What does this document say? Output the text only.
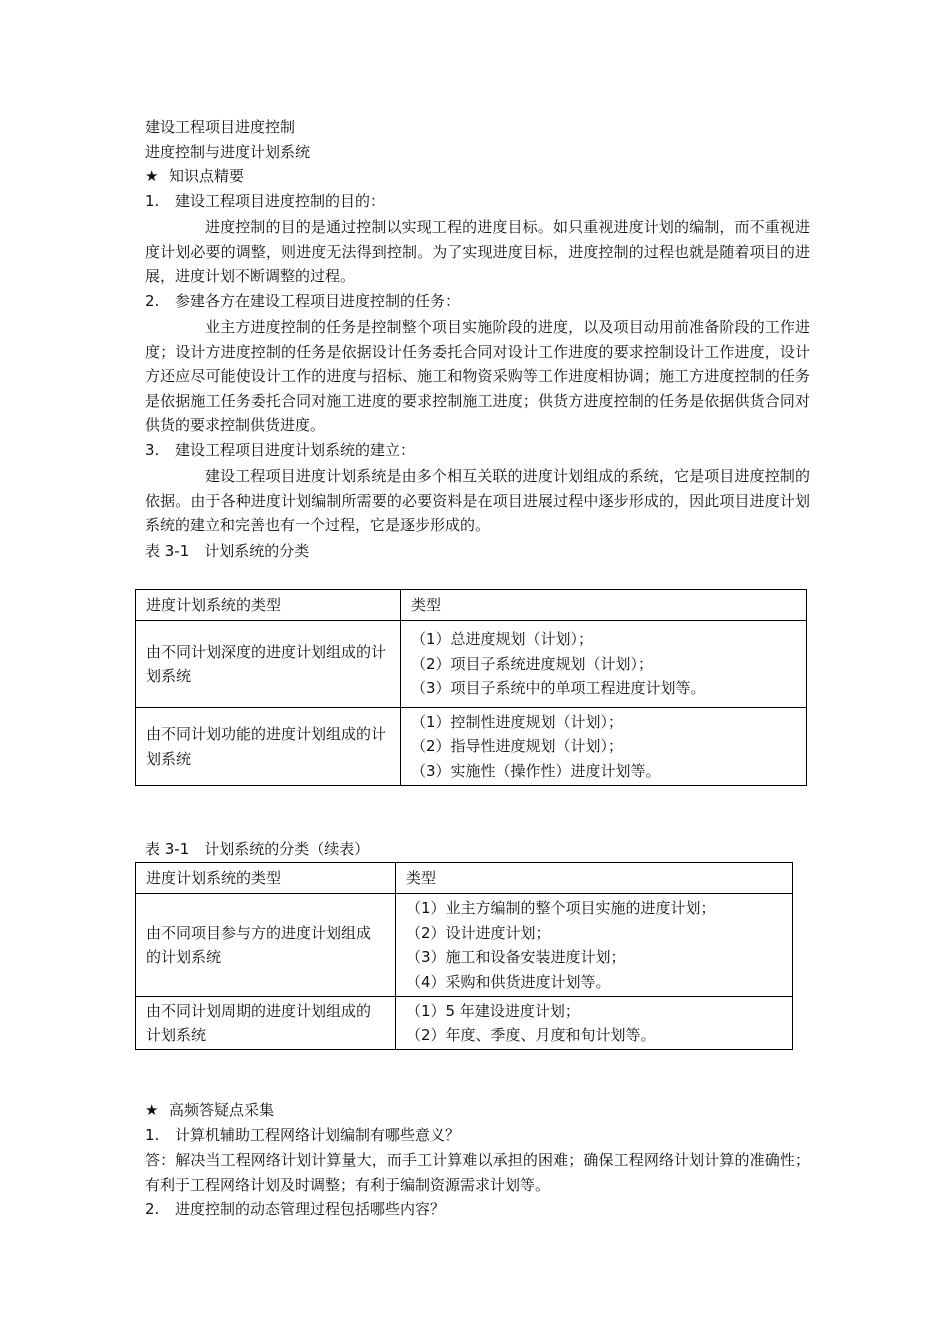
建设工程项目进度控制
进度控制与进度计划系统
★ 知识点精要
1. 建设工程项目进度控制的目的：
进度控制的目的是通过控制以实现工程的进度目标。如只重视进度计划的编制，而不重视进度计划必要的调整，则进度无法得到控制。为了实现进度目标，进度控制的过程也就是随着项目的进展，进度计划不断调整的过程。
2. 参建各方在建设工程项目进度控制的任务：
业主方进度控制的任务是控制整个项目实施阶段的进度，以及项目动用前准备阶段的工作进度；设计方进度控制的任务是依据设计任务委托合同对设计工作进度的要求控制设计工作进度，设计方还应尽可能使设计工作的进度与招标、施工和物资采购等工作进度相协调；施工方进度控制的任务是依据施工任务委托合同对施工进度的要求控制施工进度；供货方进度控制的任务是依据供货合同对供货的要求控制供货进度。
3. 建设工程项目进度计划系统的建立：
建设工程项目进度计划系统是由多个相互关联的进度计划组成的系统，它是项目进度控制的依据。由于各种进度计划编制所需要的必要资料是在项目进展过程中逐步形成的，因此项目进度计划系统的建立和完善也有一个过程，它是逐步形成的。
表 3-1　计划系统的分类
进度计划系统的类型	类型
由不同计划深度的进度计划组成的计划系统	（1）总进度规划（计划）；
（2）项目子系统进度规划（计划）；
（3）项目子系统中的单项工程进度计划等。

由不同计划功能的进度计划组成的计划系统	（1）控制性进度规划（计划）；
（2）指导性进度规划（计划）；
（3）实施性（操作性）进度计划等。
表 3-1　计划系统的分类（续表）
进度计划系统的类型	类型
由不同项目参与方的进度计划组成的计划系统	（1）业主方编制的整个项目实施的进度计划；
（2）设计进度计划；
（3）施工和设备安装进度计划；
（4）采购和供货进度计划等。

由不同计划周期的进度计划组成的计划系统	（1）5 年建设进度计划；
（2）年度、季度、月度和旬计划等。
★ 高频答疑点采集
1. 计算机辅助工程网络计划编制有哪些意义？
答：解决当工程网络计划计算量大，而手工计算难以承担的困难；确保工程网络计划计算的准确性；有利于工程网络计划及时调整；有利于编制资源需求计划等。
2. 进度控制的动态管理过程包括哪些内容？
